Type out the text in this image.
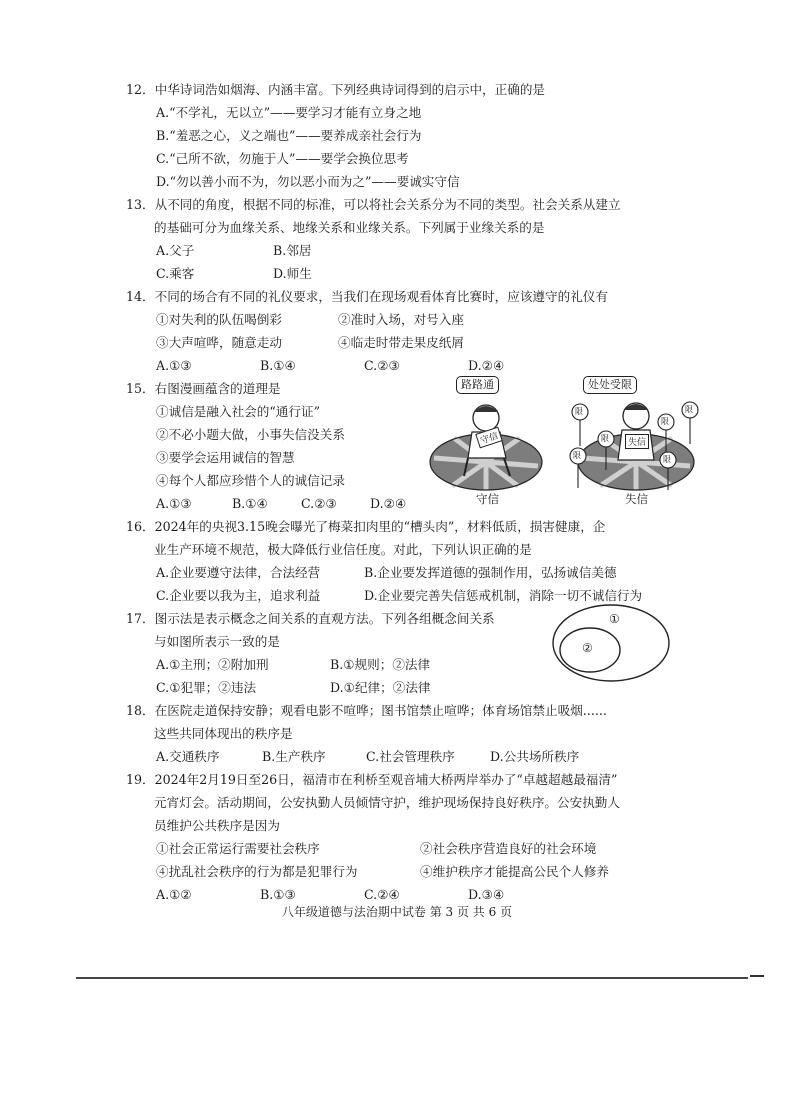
12．中华诗词浩如烟海、内涵丰富。下列经典诗词得到的启示中，正确的是
A.“不学礼，无以立”——要学习才能有立身之地
B.“羞恶之心，义之端也”——要养成亲社会行为
C.“己所不欲，勿施于人”——要学会换位思考
D.“勿以善小而不为，勿以恶小而为之”——要诚实守信
13．从不同的角度，根据不同的标准，可以将社会关系分为不同的类型。社会关系从建立
的基础可分为血缘关系、地缘关系和业缘关系。下列属于业缘关系的是
A.父子	B.邻居
C.乘客	D.师生
14．不同的场合有不同的礼仪要求，当我们在现场观看体育比赛时，应该遵守的礼仪有
①对失利的队伍喝倒彩	②准时入场，对号入座
③大声喧哗，随意走动	④临走时带走果皮纸屑
A.①③	B.①④	C.②③	D.②④
15．右图漫画蕴含的道理是
①诚信是融入社会的“通行证”
②不必小题大做，小事失信没关系
③要学会运用诚信的智慧
④每个人都应珍惜个人的诚信记录
A.①③	B.①④	C.②③	D.②④
路路通	处处受限
守信	失信
限
限
限
限
限	限
守信	失信
16．2024年的央视3.15晚会曝光了梅菜扣肉里的“槽头肉”，材料低质，损害健康，企
业生产环境不规范，极大降低行业信任度。对此，下列认识正确的是
A.企业要遵守法律，合法经营	B.企业要发挥道德的强制作用，弘扬诚信美德
C.企业要以我为主，追求利益	D.企业要完善失信惩戒机制，消除一切不诚信行为
17．图示法是表示概念之间关系的直观方法。下列各组概念间关系
与如图所表示一致的是
A.①主刑；②附加刑	B.①规则；②法律
C.①犯罪；②违法	D.①纪律；②法律
①
②
18．在医院走道保持安静；观看电影不喧哗；图书馆禁止喧哗；体育场馆禁止吸烟......
这些共同体现出的秩序是
A.交通秩序	B.生产秩序	C.社会管理秩序	D.公共场所秩序
19．2024年2月19日至26日，福清市在利桥至观音埔大桥两岸举办了“卓越超越最福清”
元宵灯会。活动期间，公安执勤人员倾情守护，维护现场保持良好秩序。公安执勤人
员维护公共秩序是因为
①社会正常运行需要社会秩序	②社会秩序营造良好的社会环境
④扰乱社会秩序的行为都是犯罪行为	④维护秩序才能提高公民个人修养
A.①②	B.①③	C.②④	D.③④
八年级道德与法治期中试卷 第 3 页 共 6 页
